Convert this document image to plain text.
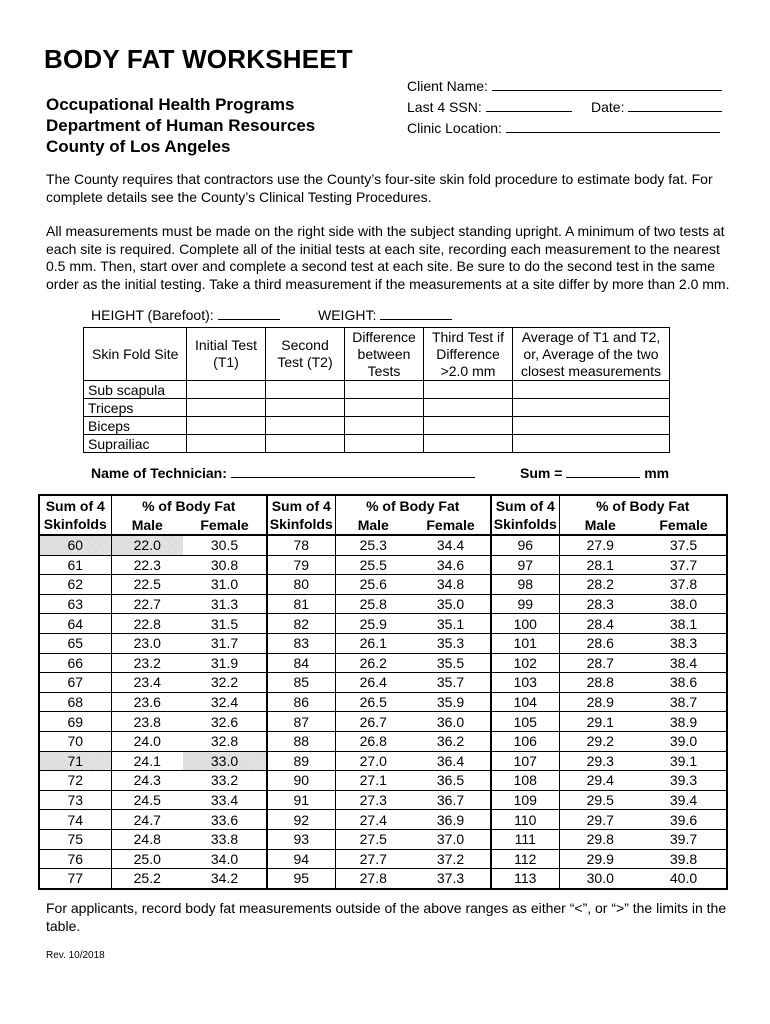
BODY FAT WORKSHEET
Occupational Health Programs
Department of Human Resources
County of Los Angeles
Client Name:
Last 4 SSN:	Date:
Clinic Location:

The County requires that contractors use the County’s four-site skin fold procedure to estimate body fat. For complete details see the County’s Clinical Testing Procedures.

All measurements must be made on the right side with the subject standing upright. A minimum of two tests at each site is required. Complete all of the initial tests at each site, recording each measurement to the nearest 0.5 mm. Then, start over and complete a second test at each site. Be sure to do the second test in the same order as the initial testing. Take a third measurement if the measurements at a site differ by more than 2.0 mm.

HEIGHT (Barefoot):	WEIGHT:
Skin Fold Site	Initial Test (T1)	Second Test (T2)	Difference between Tests	Third Test if Difference >2.0 mm	Average of T1 and T2, or, Average of the two closest measurements
Sub scapula					
Triceps					
Biceps					
Suprailiac					
Name of Technician:	Sum =	mm
Sum of 4 Skinfolds	% of Body Fat		Sum of 4 Skinfolds	% of Body Fat		Sum of 4 Skinfolds	% of Body Fat	
	Male	Female		Male	Female		Male	Female
60	22.0	30.5	78	25.3	34.4	96	27.9	37.5
61	22.3	30.8	79	25.5	34.6	97	28.1	37.7
62	22.5	31.0	80	25.6	34.8	98	28.2	37.8
63	22.7	31.3	81	25.8	35.0	99	28.3	38.0
64	22.8	31.5	82	25.9	35.1	100	28.4	38.1
65	23.0	31.7	83	26.1	35.3	101	28.6	38.3
66	23.2	31.9	84	26.2	35.5	102	28.7	38.4
67	23.4	32.2	85	26.4	35.7	103	28.8	38.6
68	23.6	32.4	86	26.5	35.9	104	28.9	38.7
69	23.8	32.6	87	26.7	36.0	105	29.1	38.9
70	24.0	32.8	88	26.8	36.2	106	29.2	39.0
71	24.1	33.0	89	27.0	36.4	107	29.3	39.1
72	24.3	33.2	90	27.1	36.5	108	29.4	39.3
73	24.5	33.4	91	27.3	36.7	109	29.5	39.4
74	24.7	33.6	92	27.4	36.9	110	29.7	39.6
75	24.8	33.8	93	27.5	37.0	111	29.8	39.7
76	25.0	34.0	94	27.7	37.2	112	29.9	39.8
77	25.2	34.2	95	27.8	37.3	113	30.0	40.0

For applicants, record body fat measurements outside of the above ranges as either “<”, or “>” the limits in the table.

Rev. 10/2018
